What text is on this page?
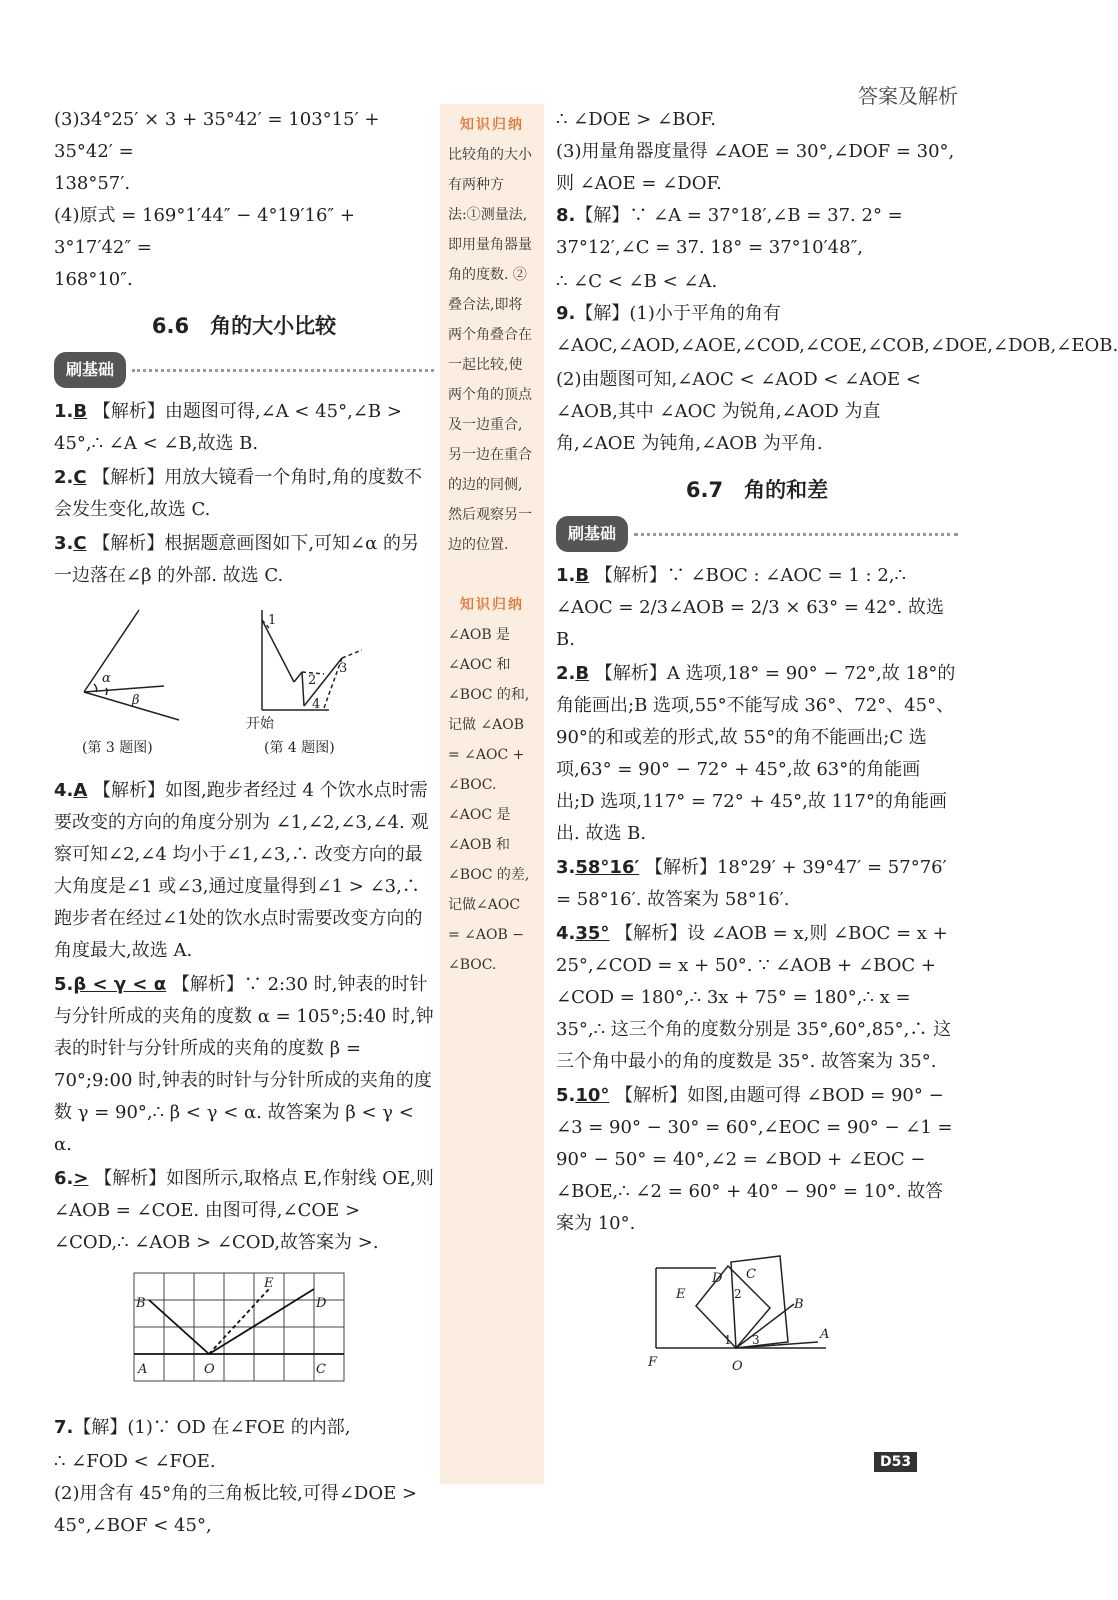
答案及解析

(3)34°25′ × 3 + 35°42′ = 103°15′ + 35°42′ =

138°57′.

(4)原式 = 169°1′44″ − 4°19′16″ + 3°17′42″ =

168°10″.

6.6　角的大小比较
刷基础

1.B 【解析】由题图可得,∠A < 45°,∠B > 45°,∴ ∠A < ∠B,故选 B.

2.C 【解析】用放大镜看一个角时,角的度数不会发生变化,故选 C.

3.C 【解析】根据题意画图如下,可知∠α 的另一边落在∠β 的外部. 故选 C.

α
β
1
2
3
4
开始
(第 3 题图)	(第 4 题图)

4.A 【解析】如图,跑步者经过 4 个饮水点时需要改变的方向的角度分别为 ∠1,∠2,∠3,∠4. 观察可知∠2,∠4 均小于∠1,∠3,∴ 改变方向的最大角度是∠1 或∠3,通过度量得到∠1 > ∠3,∴ 跑步者在经过∠1处的饮水点时需要改变方向的角度最大,故选 A.

5.β < γ < α 【解析】∵ 2:30 时,钟表的时针与分针所成的夹角的度数 α = 105°;5:40 时,钟表的时针与分针所成的夹角的度数 β = 70°;9:00 时,钟表的时针与分针所成的夹角的度数 γ = 90°,∴ β < γ < α. 故答案为 β < γ < α.

6.> 【解析】如图所示,取格点 E,作射线 OE,则 ∠AOB = ∠COE. 由图可得,∠COE > ∠COD,∴ ∠AOB > ∠COD,故答案为 >.

B	D
E
A	O	C

7.【解】(1)∵ OD 在∠FOE 的内部,

∴ ∠FOD < ∠FOE.

(2)用含有 45°角的三角板比较,可得∠DOE > 45°,∠BOF < 45°,

知识归纳

比较角的大小有两种方法:①测量法,即用量角器量角的度数. ②叠合法,即将两个角叠合在一起比较,使两个角的顶点及一边重合,另一边在重合的边的同侧,然后观察另一边的位置.

知识归纳

∠AOB 是∠AOC 和 ∠BOC 的和,记做 ∠AOB = ∠AOC + ∠BOC. ∠AOC 是 ∠AOB 和 ∠BOC 的差,记做∠AOC = ∠AOB − ∠BOC.

∴ ∠DOE > ∠BOF.

(3)用量角器度量得 ∠AOE = 30°,∠DOF = 30°,则 ∠AOE = ∠DOF.

8.【解】∵ ∠A = 37°18′,∠B = 37. 2° = 37°12′,∠C = 37. 18° = 37°10′48″,

∴ ∠C < ∠B < ∠A.

9.【解】(1)小于平角的角有 ∠AOC,∠AOD,∠AOE,∠COD,∠COE,∠COB,∠DOE,∠DOB,∠EOB.

(2)由题图可知,∠AOC < ∠AOD < ∠AOE < ∠AOB,其中 ∠AOC 为锐角,∠AOD 为直角,∠AOE 为钝角,∠AOB 为平角.

6.7　角的和差
刷基础

1.B 【解析】∵ ∠BOC : ∠AOC = 1 : 2,∴ ∠AOC = 2/3∠AOB = 2/3 × 63° = 42°. 故选 B.

2.B 【解析】A 选项,18° = 90° − 72°,故 18°的角能画出;B 选项,55°不能写成 36°、72°、45°、90°的和或差的形式,故 55°的角不能画出;C 选项,63° = 90° − 72° + 45°,故 63°的角能画出;D 选项,117° = 72° + 45°,故 117°的角能画出. 故选 B.

3.58°16′ 【解析】18°29′ + 39°47′ = 57°76′ = 58°16′. 故答案为 58°16′.

4.35° 【解析】设 ∠AOB = x,则 ∠BOC = x + 25°,∠COD = x + 50°. ∵ ∠AOB + ∠BOC + ∠COD = 180°,∴ 3x + 75° = 180°,∴ x = 35°,∴ 这三个角的度数分别是 35°,60°,85°,∴ 这三个角中最小的角的度数是 35°. 故答案为 35°.

5.10° 【解析】如图,由题可得 ∠BOD = 90° − ∠3 = 90° − 30° = 60°,∠EOC = 90° − ∠1 = 90° − 50° = 40°,∠2 = ∠BOD + ∠EOC − ∠BOE,∴ ∠2 = 60° + 40° − 90° = 10°. 故答案为 10°.

E
D C
B
A
F	O
1
2
3
D53
